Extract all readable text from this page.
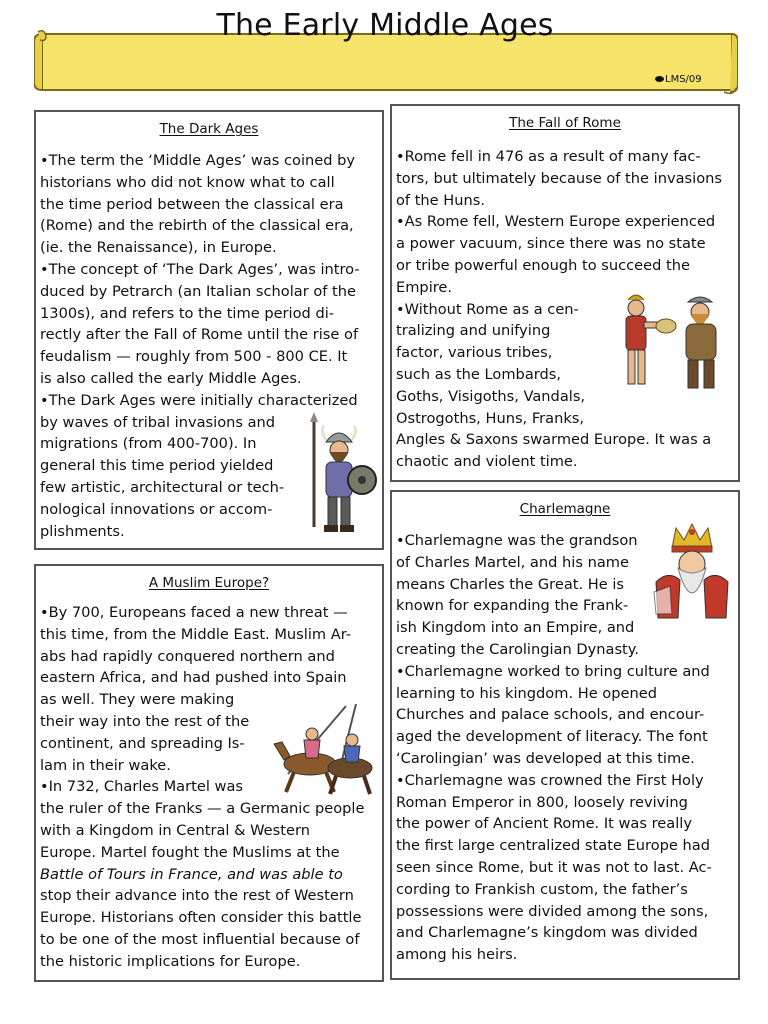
The Early Middle Ages
LMS/09
The Dark Ages
•The term the ‘Middle Ages’ was coined by
historians who did not know what to call
the time period between the classical era
(Rome) and the rebirth of the classical era,
(ie. the Renaissance), in Europe.
•The concept of ‘The Dark Ages’, was intro-
duced by Petrarch (an Italian scholar of the
1300s), and refers to the time period di-
rectly after the Fall of Rome until the rise of
feudalism — roughly from 500 - 800 CE. It
is also called the early Middle Ages.
•The Dark Ages were initially characterized
by waves of tribal invasions and
migrations (from 400-700). In
general this time period yielded
few artistic, architectural or tech-
nological innovations or accom-
plishments.
The Fall of Rome
•Rome fell in 476 as a result of many fac-
tors, but ultimately because of the invasions
of the Huns.
•As Rome fell, Western Europe experienced
a power vacuum, since there was no state
or tribe powerful enough to succeed the
Empire.
•Without Rome as a cen-
tralizing and unifying
factor, various tribes,
such as the Lombards,
Goths, Visigoths, Vandals,
Ostrogoths, Huns, Franks,
Angles & Saxons swarmed Europe. It was a
chaotic and violent time.
A Muslim Europe?
•By 700, Europeans faced a new threat —
this time, from the Middle East. Muslim Ar-
abs had rapidly conquered northern and
eastern Africa, and had pushed into Spain
as well. They were making
their way into the rest of the
continent, and spreading Is-
lam in their wake.
•In 732, Charles Martel was
the ruler of the Franks — a Germanic people
with a Kingdom in Central & Western
Europe. Martel fought the Muslims at the
Battle of Tours in France, and was able to
stop their advance into the rest of Western
Europe. Historians often consider this battle
to be one of the most influential because of
the historic implications for Europe.
Charlemagne
•Charlemagne was the grandson
of Charles Martel, and his name
means Charles the Great. He is
known for expanding the Frank-
ish Kingdom into an Empire, and
creating the Carolingian Dynasty.
•Charlemagne worked to bring culture and
learning to his kingdom. He opened
Churches and palace schools, and encour-
aged the development of literacy. The font
‘Carolingian’ was developed at this time.
•Charlemagne was crowned the First Holy
Roman Emperor in 800, loosely reviving
the power of Ancient Rome. It was really
the first large centralized state Europe had
seen since Rome, but it was not to last. Ac-
cording to Frankish custom, the father’s
possessions were divided among the sons,
and Charlemagne’s kingdom was divided
among his heirs.
